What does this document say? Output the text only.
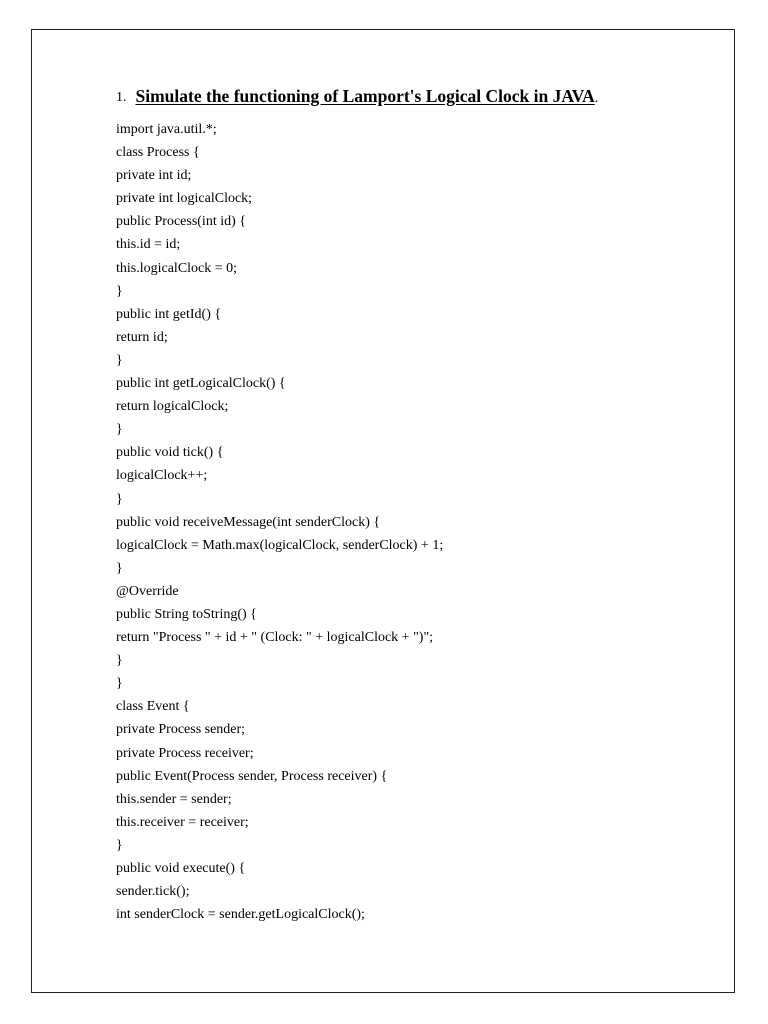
1. Simulate the functioning of Lamport's Logical Clock in JAVA.
import java.util.*;
class Process {
private int id;
private int logicalClock;
public Process(int id) {
this.id = id;
this.logicalClock = 0;
}
public int getId() {
return id;
}
public int getLogicalClock() {
return logicalClock;
}
public void tick() {
logicalClock++;
}
public void receiveMessage(int senderClock) {
logicalClock = Math.max(logicalClock, senderClock) + 1;
}
@Override
public String toString() {
return "Process " + id + " (Clock: " + logicalClock + ")";
}
}
class Event {
private Process sender;
private Process receiver;
public Event(Process sender, Process receiver) {
this.sender = sender;
this.receiver = receiver;
}
public void execute() {
sender.tick();
int senderClock = sender.getLogicalClock();
